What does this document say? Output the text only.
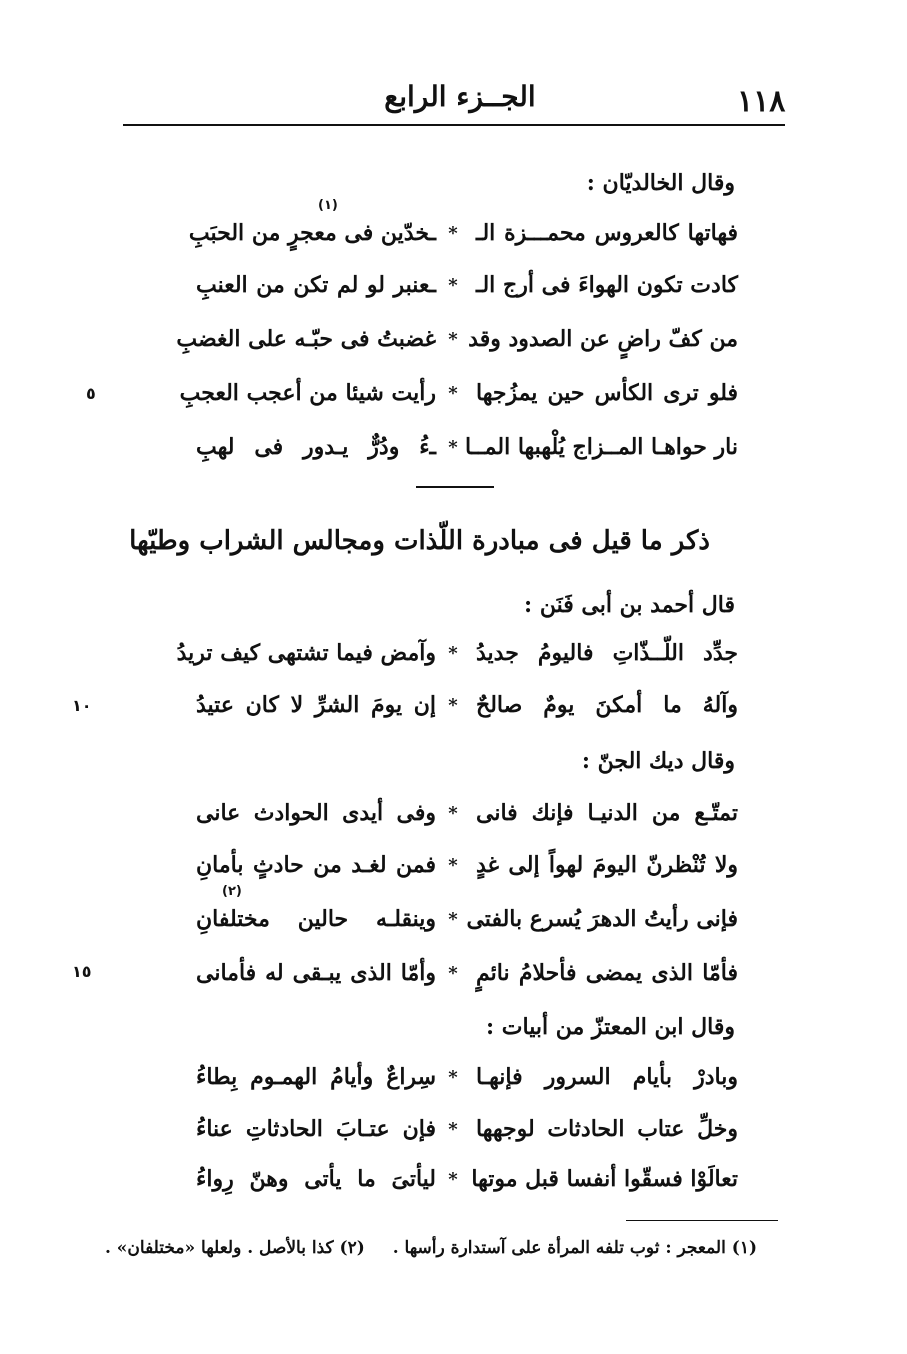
١١٨
الجــزء الرابع
وقال الخالديّان :
(١)
فهاتها كالعروس محمـــزة الـ
*
ـخدّين فى معجرٍ من الحبَبِ
كادت تكون الهواءَ فى أرج الـ
*
ـعنبر لو لم تكن من العنبِ
من كفّ راضٍ عن الصدود وقد
*
غضبتُ فى حبّـه على الغضبِ
فلو ترى الكأس حين يمزُجها
*
رأيت شيئا من أعجب العجبِ
٥
نار حواهـا المــزاج يُلْهبها المــا
*
ـءُ ودُرٌّ يـدور فى لهبِ
ذكر ما قيل فى مبادرة اللّذات ومجالس الشراب وطيّها
قال أحمد بن أبى فَنَن :
جدِّد اللّــذّاتِ فاليومُ جديدُ
*
وآمض فيما تشتهى كيف تريدُ
وآلهُ ما أمكنَ يومٌ صالحٌ
*
إن يومَ الشرِّ لا كان عتيدُ
١٠
وقال ديك الجنّ :
تمتّـع من الدنيـا فإنك فانى
*
وفى أيدى الحوادث عانى
ولا تُنْظرنّ اليومَ لهواً إلى غدٍ
*
فمن لغـد من حادثٍ بأمانِ
(٢)
فإنى رأيتُ الدهرَ يُسرع بالفتى
*
وينقلـه حالين مختلفانِ
فأمّا الذى يمضى فأحلامُ نائمٍ
*
وأمّا الذى يبـقى له فأمانى
١٥
وقال ابن المعتزّ من أبيات :
وبادرْ بأيام السرور فإنهـا
*
سِراعٌ وأيامُ الهمـوم بِطاءُ
وخلِّ عتاب الحادثات لوجهها
*
فإن عتـابَ الحادثاتِ عناءُ
تعالَوْا فسقّوا أنفسا قبل موتها
*
ليأتىَ ما يأتى وهنّ رِواءُ
(١) المعجر : ثوب تلفه المرأة على آستدارة رأسها . (٢) كذا بالأصل . ولعلها «مختلفان» .
